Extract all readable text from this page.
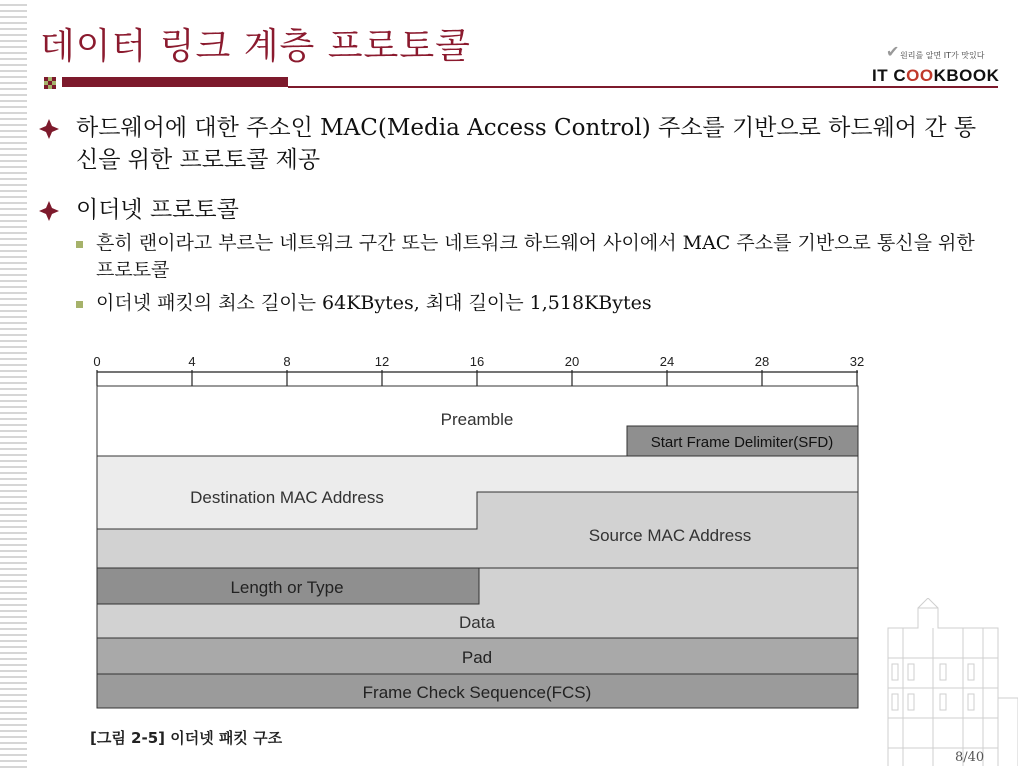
데이터 링크 계층 프로토콜	✔ 원리를 알면 IT가 맛있다
IT COOKBOOK
하드웨어에 대한 주소인 MAC(Media Access Control) 주소를 기반으로 하드웨어 간 통신을 위한 프로토콜 제공
이더넷 프로토콜
흔히 랜이라고 부르는 네트워크 구간 또는 네트워크 하드웨어 사이에서 MAC 주소를 기반으로 통신을 위한 프로토콜
이더넷 패킷의 최소 길이는 64KBytes, 최대 길이는 1,518KBytes
0	4	8	12	16	20	24	28	32
Preamble
Start Frame Delimiter(SFD)
Destination MAC Address
Source MAC Address
Length or Type
Data
Pad
Frame Check Sequence(FCS)
[그림 2-5] 이더넷 패킷 구조
8/40
